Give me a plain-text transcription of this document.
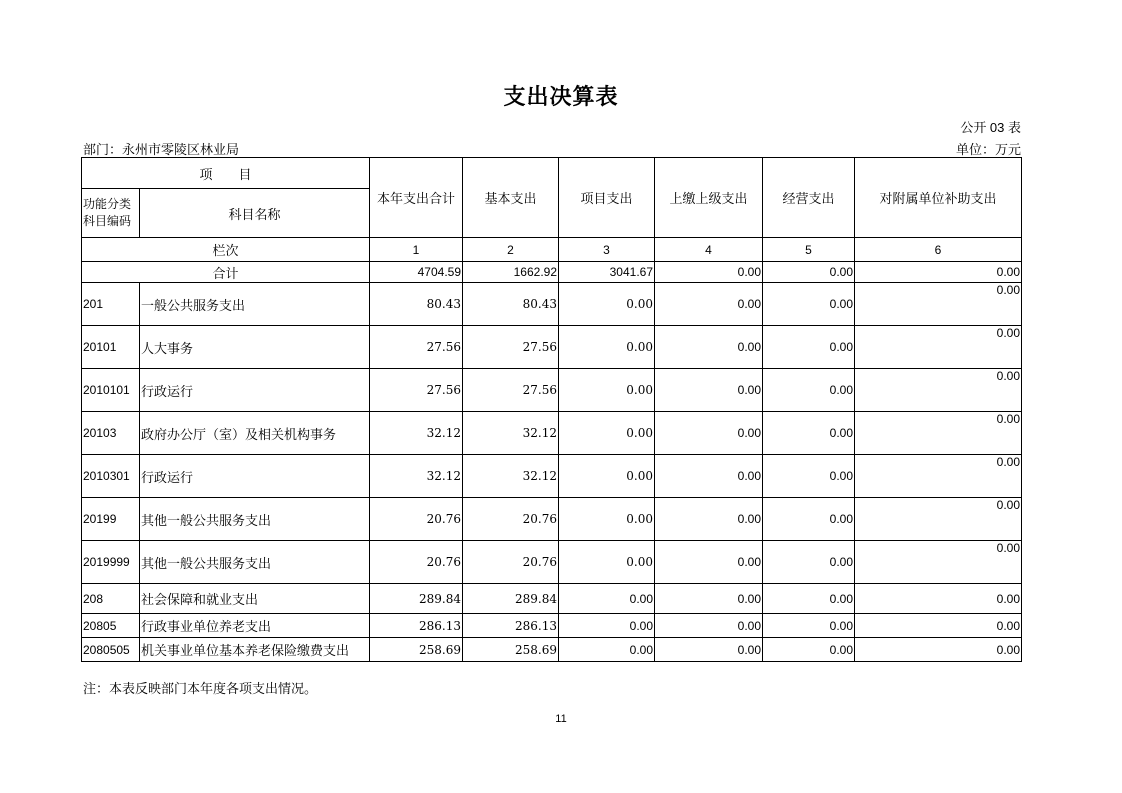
支出决算表
公开 03 表
部门：永州市零陵区林业局	单位：万元
项　　目		本年支出合计	基本支出	项目支出	上缴上级支出	经营支出	对附属单位补助支出
功能分类科目编码	科目名称						
栏次		1	2	3	4	5	6
合计		4704.59	1662.92	3041.67	0.00	0.00	0.00
201	一般公共服务支出	80.43	80.43	0.00	0.00	0.00	0.00
20101	人大事务	27.56	27.56	0.00	0.00	0.00	0.00
2010101	行政运行	27.56	27.56	0.00	0.00	0.00	0.00
20103	政府办公厅（室）及相关机构事务	32.12	32.12	0.00	0.00	0.00	0.00
2010301	行政运行	32.12	32.12	0.00	0.00	0.00	0.00
20199	其他一般公共服务支出	20.76	20.76	0.00	0.00	0.00	0.00
2019999	其他一般公共服务支出	20.76	20.76	0.00	0.00	0.00	0.00
208	社会保障和就业支出	289.84	289.84	0.00	0.00	0.00	0.00
20805	行政事业单位养老支出	286.13	286.13	0.00	0.00	0.00	0.00
2080505	机关事业单位基本养老保险缴费支出	258.69	258.69	0.00	0.00	0.00	0.00
注：本表反映部门本年度各项支出情况。
11
